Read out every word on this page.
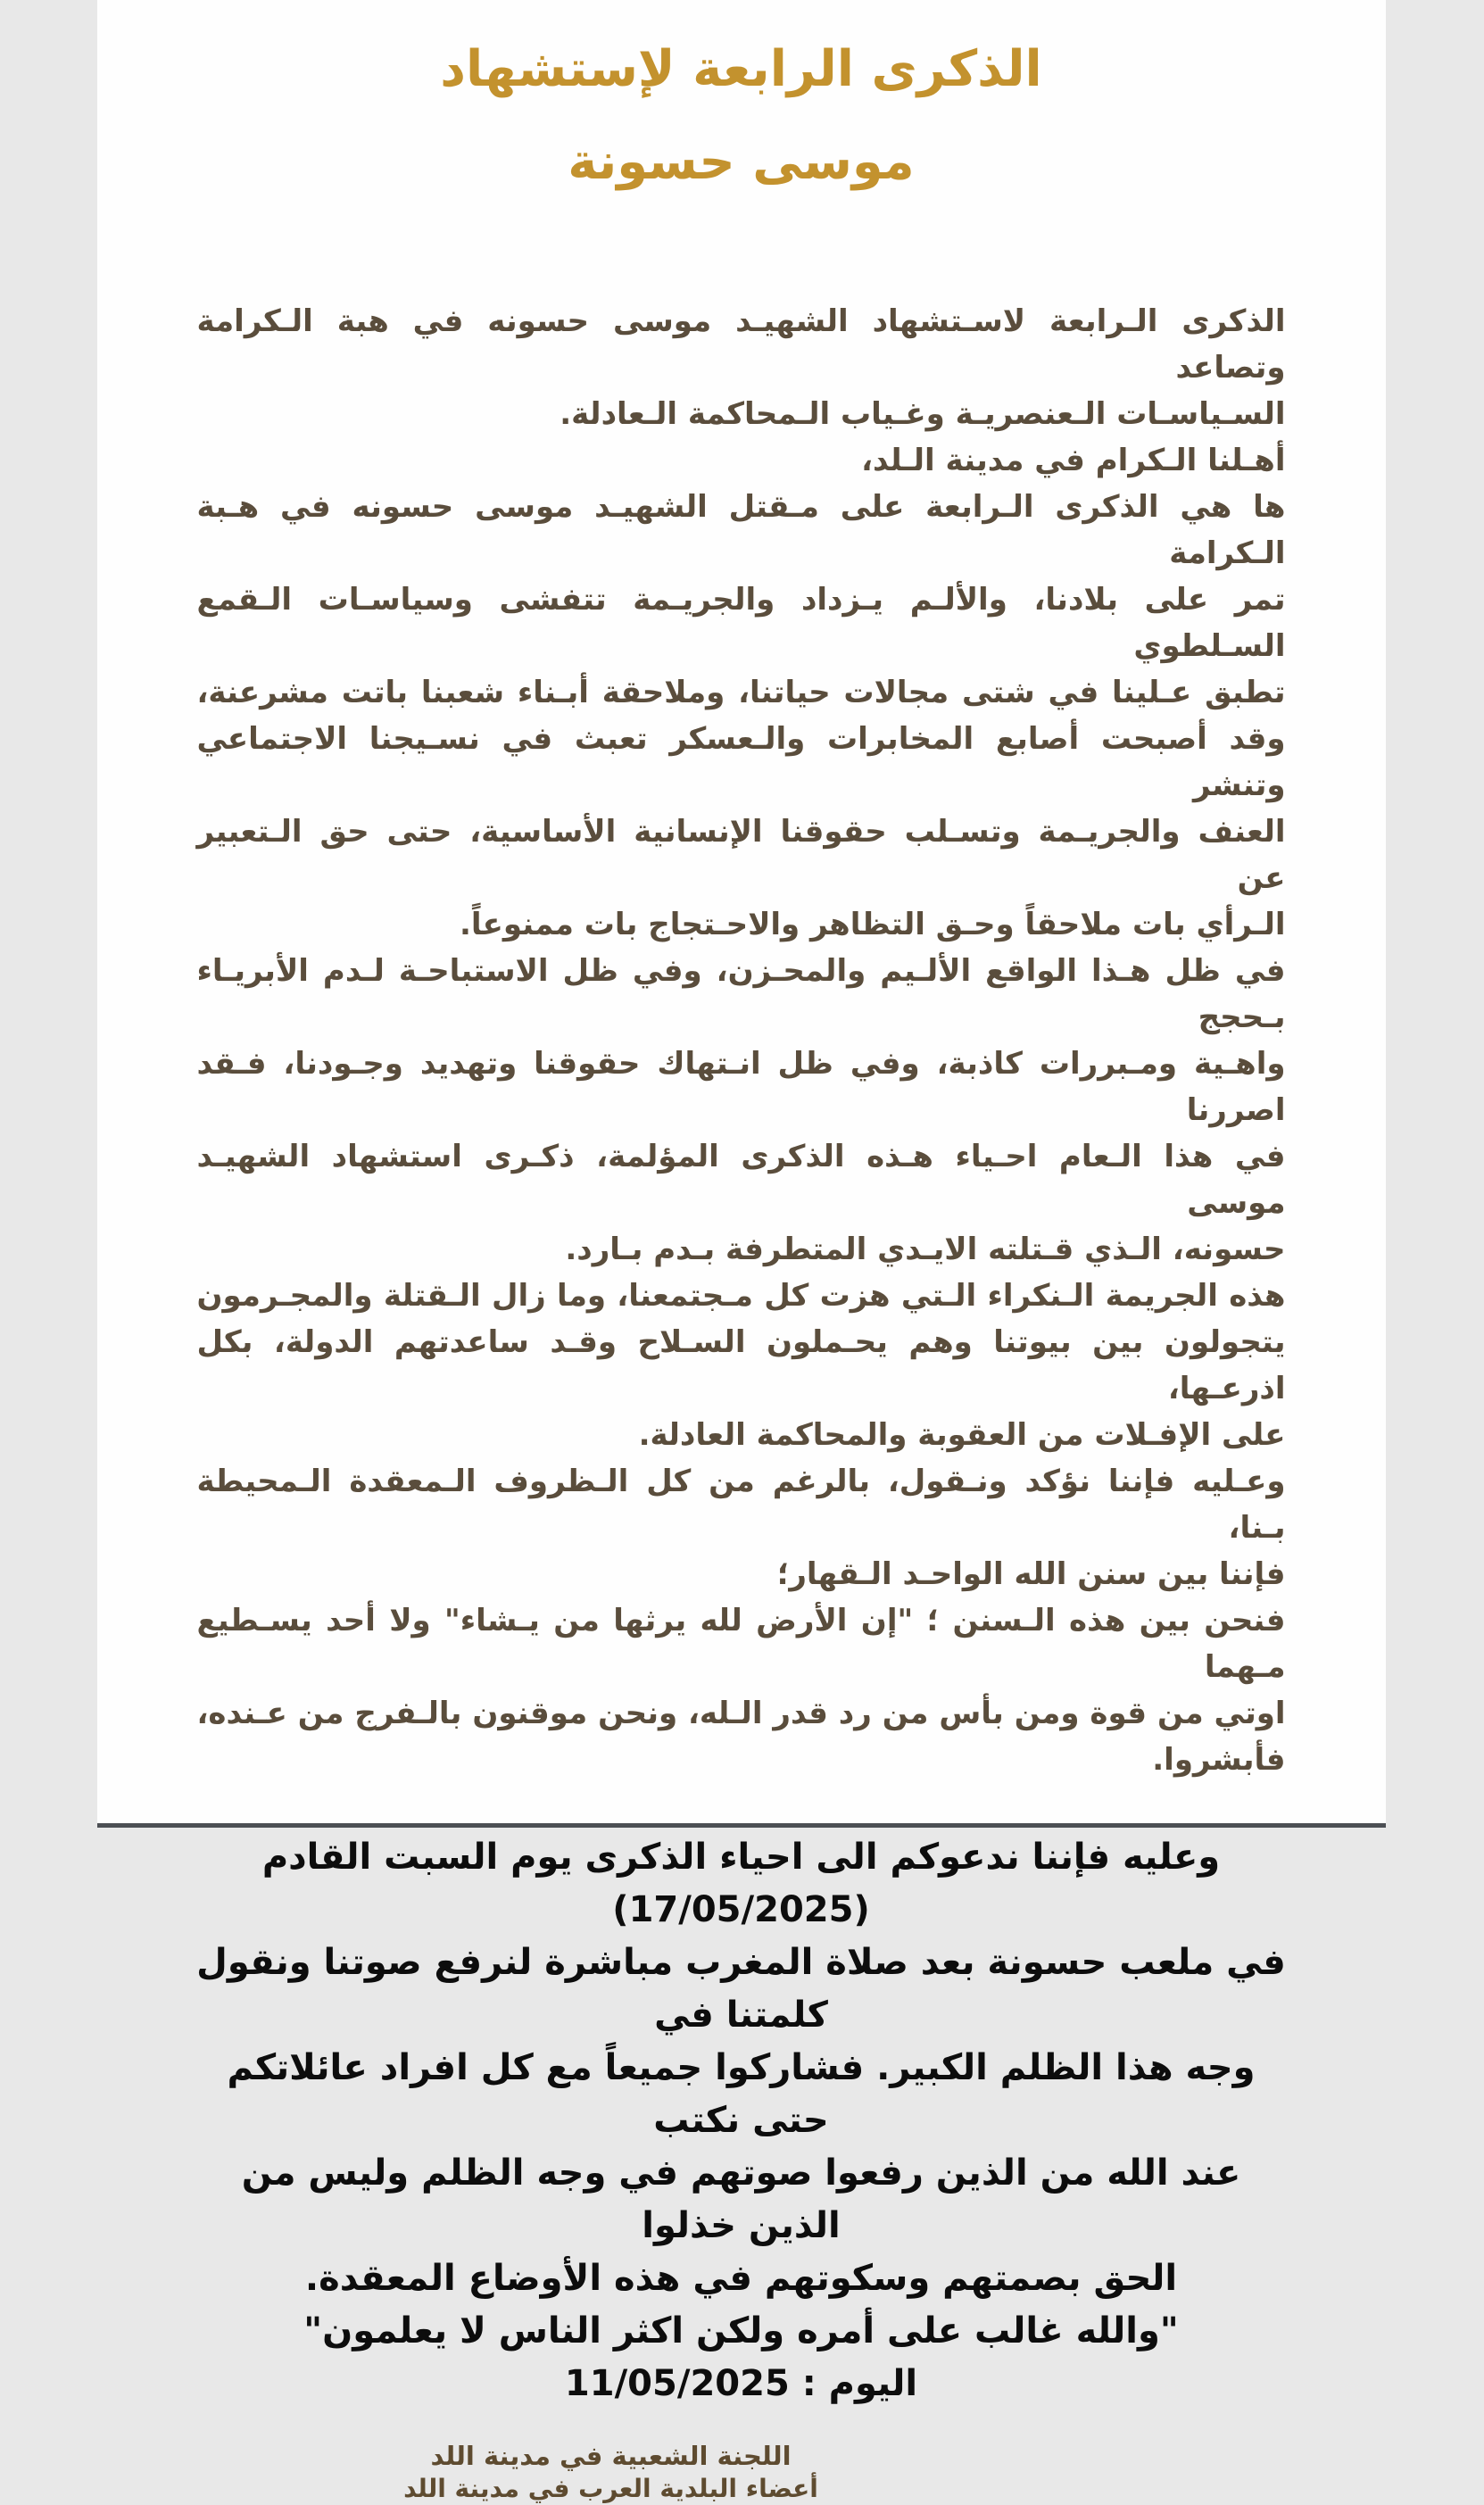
الذكرى الرابعة لإستشهاد
موسى حسونة
الذكرى الـرابعة لاسـتشهاد الشهيـد موسى حسونه في هبة الـكرامة وتصاعد
السـياسـات الـعنصريـة وغـياب الـمحاكمة الـعادلة.
أهـلنا الـكرام في مدينة الـلد،
ها هي الذكرى الـرابعة على مـقتل الشهيـد موسى حسونه في هـبة الـكرامة
تمر على بلادنا، والألـم يـزداد والجريـمة تتفشى وسياسـات الـقمع السـلطوي
تطبق عـلينا في شتى مجالات حياتنا، وملاحقة أبـناء شعبنا باتت مشرعنة،
وقد أصبحت أصابع المخابرات والـعسكر تعبث في نسـيجنا الاجتماعي وتنشر
العنف والجريـمة وتسـلب حقوقنا الإنسانية الأساسية، حتى حق الـتعبير عن
الـرأي بات ملاحقاً وحـق التظاهر والاحـتجاج بات ممنوعاً.
في ظل هـذا الواقع الألـيم والمحـزن، وفي ظل الاستباحـة لـدم الأبريـاء بـحجج
واهـية ومـبررات كاذبة، وفي ظل انـتهاك حقوقنا وتهديد وجـودنا، فـقد اصررنا
في هذا الـعام احـياء هـذه الذكرى المؤلمة، ذكـرى استشهاد الشهيـد موسى
حسونه، الـذي قـتلته الايـدي المتطرفة بـدم بـارد.
هذه الجريمة الـنكراء الـتي هزت كل مـجتمعنا، وما زال الـقتلة والمجـرمون
يتجولون بين بيوتنا وهم يحـملون السـلاح وقـد ساعدتهم الدولة، بكل اذرعـها،
على الإفـلات من العقوبة والمحاكمة العادلة.
وعـليه فإننا نؤكد ونـقول، بالرغم من كل الـظروف الـمعقدة الـمحيطة بـنا،
فإننا بين سنن الله الواحـد الـقهار؛
فنحن بين هذه الـسنن ؛ "إن الأرض لله يرثها من يـشاء" ولا أحد يسـطيع مـهما
اوتي من قوة ومن بأس من رد قدر الـله، ونحن موقنون بالـفرج من عـنده،
فأبشروا.
وعليه فإننا ندعوكم الى احياء الذكرى يوم السبت القادم (17/05/2025)
في ملعب حسونة بعد صلاة المغرب مباشرة لنرفع صوتنا ونقول كلمتنا في
وجه هذا الظلم الكبير. فشاركوا جميعاً مع كل افراد عائلاتكم حتى نكتب
عند الله من الذين رفعوا صوتهم في وجه الظلم وليس من الذين خذلوا
الحق بصمتهم وسكوتهم في هذه الأوضاع المعقدة.
"والله غالب على أمره ولكن اكثر الناس لا يعلمون"
اليوم : 11/05/2025
اللجنة الشعبية في مدينة اللد
أعضاء البلدية العرب في مدينة اللد
